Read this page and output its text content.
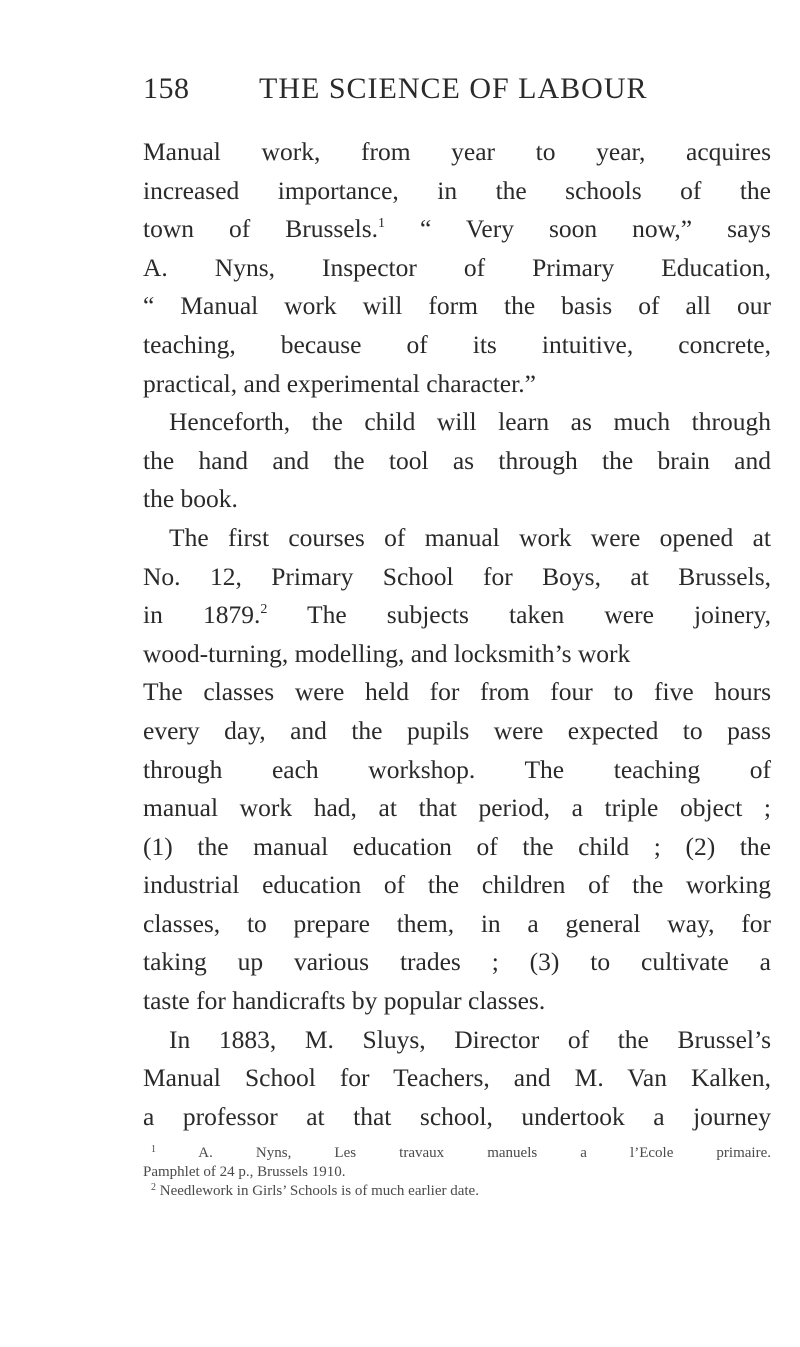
158 THE SCIENCE OF LABOUR
Manual work, from year to year, acquires
increased importance, in the schools of the
town of Brussels.$^1$ “ Very soon now,” says
A. Nyns, Inspector of Primary Education,
“ Manual work will form the basis of all our
teaching, because of its intuitive, concrete,
practical, and experimental character.”
Henceforth, the child will learn as much through
the hand and the tool as through the brain and
the book.
The first courses of manual work were opened at
No. 12, Primary School for Boys, at Brussels,
in 1879.$^2$ The subjects taken were joinery,
wood-turning, modelling, and locksmith’s work
The classes were held for from four to five hours
every day, and the pupils were expected to pass
through each workshop. The teaching of
manual work had, at that period, a triple object ;
(1) the manual education of the child ; (2) the
industrial education of the children of the working
classes, to prepare them, in a general way, for
taking up various trades ; (3) to cultivate a
taste for handicrafts by popular classes.
In 1883, M. Sluys, Director of the Brussel’s
Manual School for Teachers, and M. Van Kalken,
a professor at that school, undertook a journey
$^1$	A. Nyns, Les travaux manuels a l’Ecole primaire.
Pamphlet of 24 p., Brussels 1910.
$^2$ Needlework in Girls’ Schools is of much earlier date.
